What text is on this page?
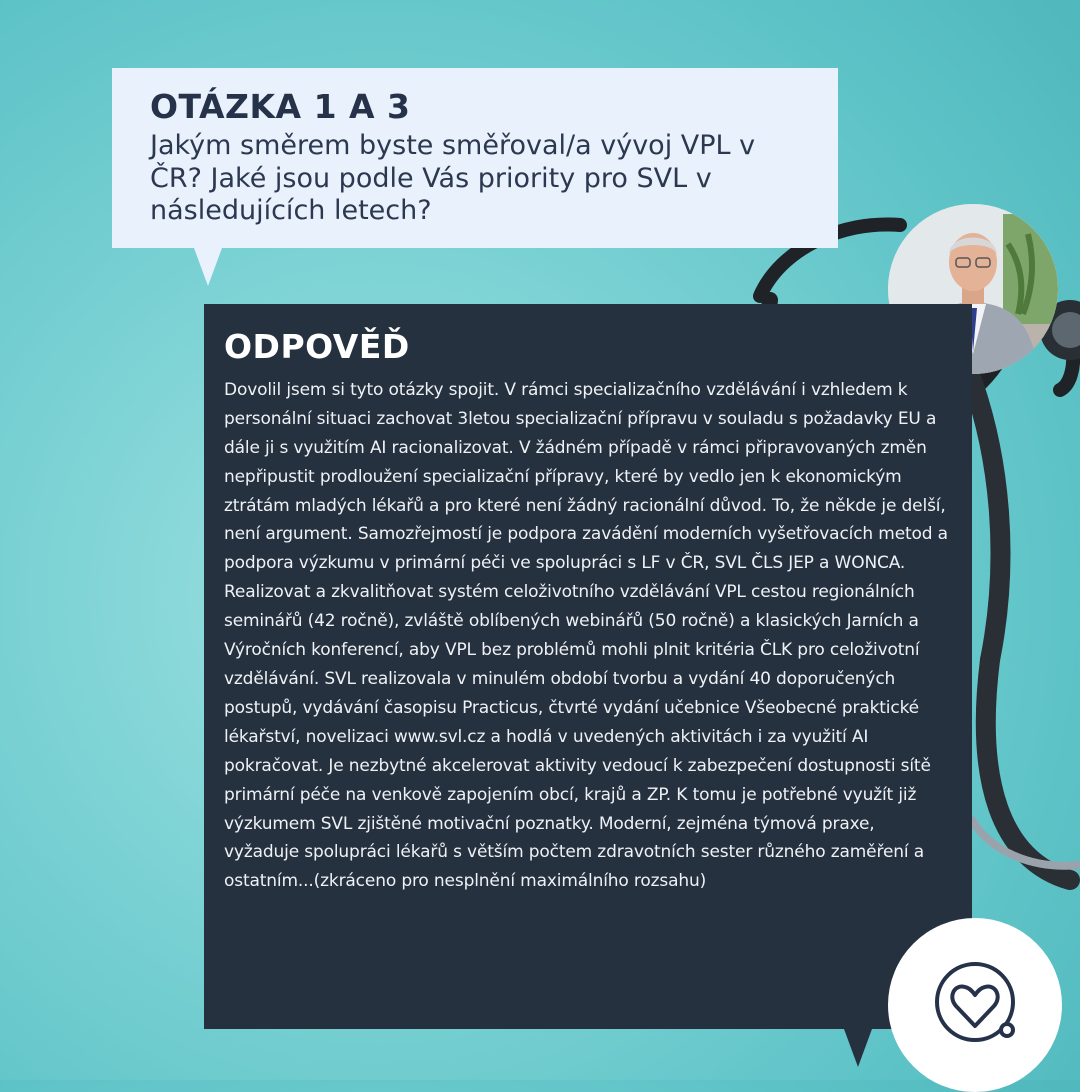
OTÁZKA 1 A 3
Jakým směrem byste směřoval/a vývoj VPL v ČR? Jaké jsou podle Vás priority pro SVL v následujících letech?
ODPOVĚĎ
Dovolil jsem si tyto otázky spojit. V rámci specializačního vzdělávání i vzhledem k personální situaci zachovat 3letou specializační přípravu v souladu s požadavky EU a dále ji s využitím AI racionalizovat. V žádném případě v rámci připravovaných změn nepřipustit prodloužení specializační přípravy, které by vedlo jen k ekonomickým ztrátám mladých lékařů a pro které není žádný racionální důvod. To, že někde je delší, není argument. Samozřejmostí je podpora zavádění moderních vyšetřovacích metod a podpora výzkumu v primární péči ve spolupráci s LF v ČR, SVL ČLS JEP a WONCA. Realizovat a zkvalitňovat systém celoživotního vzdělávání VPL cestou regionálních seminářů (42 ročně), zvláště oblíbených webinářů (50 ročně) a klasických Jarních a Výročních konferencí, aby VPL bez problémů mohli plnit kritéria ČLK pro celoživotní vzdělávání. SVL realizovala v minulém období tvorbu a vydání 40 doporučených postupů, vydávání časopisu Practicus, čtvrté vydání učebnice Všeobecné praktické lékařství, novelizaci www.svl.cz a hodlá v uvedených aktivitách i za využití AI pokračovat. Je nezbytné akcelerovat aktivity vedoucí k zabezpečení dostupnosti sítě primární péče na venkově zapojením obcí, krajů a ZP. K tomu je potřebné využít již výzkumem SVL zjištěné motivační poznatky. Moderní, zejména týmová praxe, vyžaduje spolupráci lékařů s větším počtem zdravotních sester různého zaměření a ostatním...(zkráceno pro nesplnění maximálního rozsahu)
